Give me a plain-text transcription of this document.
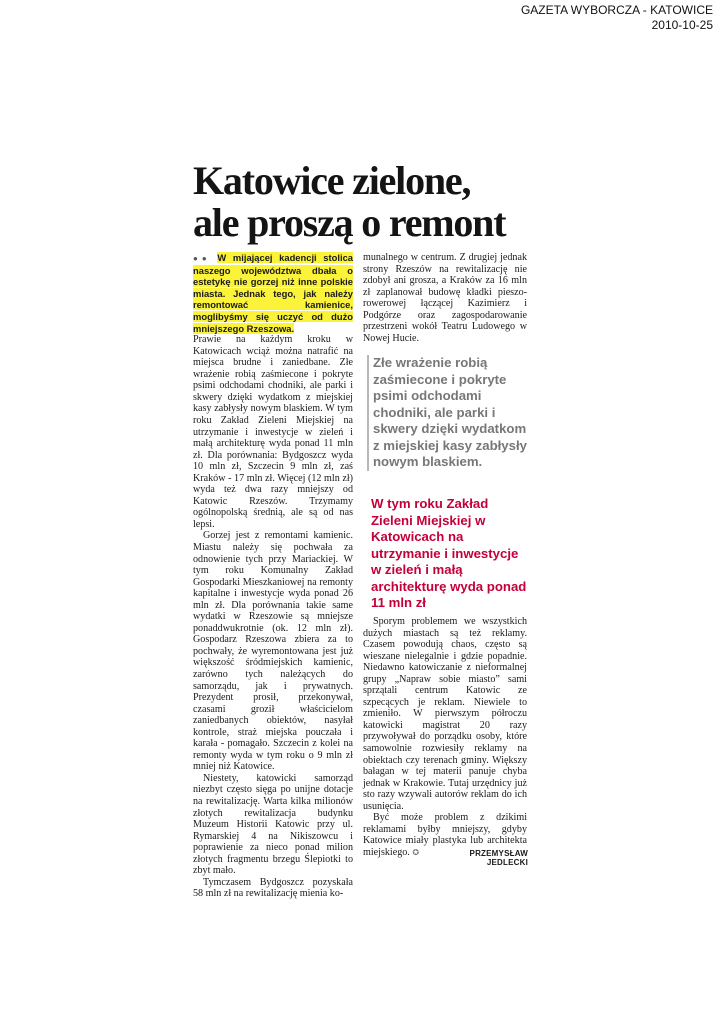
GAZETA WYBORCZA - KATOWICE
2010-10-25
Katowice zielone,
ale proszą o remont

●● W mijającej kadencji stolica naszego województwa dbała o estetykę nie gorzej niż inne polskie miasta. Jednak tego, jak należy remontować kamienice, moglibyśmy się uczyć od dużo mniejszego Rzeszowa.

Prawie na każdym kroku w Katowicach wciąż można natrafić na miejsca brudne i zaniedbane. Złe wrażenie robią zaśmiecone i pokryte psimi odchodami chodniki, ale parki i skwery dzięki wydatkom z miejskiej kasy zabłysły nowym blaskiem. W tym roku Zakład Zieleni Miejskiej na utrzymanie i inwestycje w zieleń i małą architekturę wyda ponad 11 mln zł. Dla porównania: Bydgoszcz wyda 10 mln zł, Szczecin 9 mln zł, zaś Kraków - 17 mln zł. Więcej (12 mln zł) wyda też dwa razy mniejszy od Katowic Rzeszów. Trzymamy ogólnopolską średnią, ale są od nas lepsi.

Gorzej jest z remontami kamienic. Miastu należy się pochwała za odnowienie tych przy Mariackiej. W tym roku Komunalny Zakład Gospodarki Mieszkaniowej na remonty kapitalne i inwestycje wyda ponad 26 mln zł. Dla porównania takie same wydatki w Rzeszowie są mniejsze ponaddwukrotnie (ok. 12 mln zł). Gospodarz Rzeszowa zbiera za to pochwały, że wyremontowana jest już większość śródmiejskich kamienic, zarówno tych należących do samorządu, jak i prywatnych. Prezydent prosił, przekonywał, czasami groził właścicielom zaniedbanych obiektów, nasyłał kontrole, straż miejska pouczała i karała - pomagało. Szczecin z kolei na remonty wyda w tym roku o 9 mln zł mniej niż Katowice.

Niestety, katowicki samorząd niezbyt często sięga po unijne dotacje na rewitalizację. Warta kilka milionów złotych rewitalizacja budynku Muzeum Historii Katowic przy ul. Rymarskiej 4 na Nikiszowcu i poprawienie za nieco ponad milion złotych fragmentu brzegu Ślepiotki to zbyt mało.

Tymczasem Bydgoszcz pozyskała 58 mln zł na rewitalizację mienia ko-

munalnego w centrum. Z drugiej jednak strony Rzeszów na rewitalizację nie zdobył ani grosza, a Kraków za 16 mln zł zaplanował budowę kładki pieszo-rowerowej łączącej Kazimierz i Podgórze oraz zagospodarowanie przestrzeni wokół Teatru Ludowego w Nowej Hucie.

Złe wrażenie robią zaśmiecone i pokryte psimi odchodami chodniki, ale parki i skwery dzięki wydatkom z miejskiej kasy zabłysły nowym blaskiem.
W tym roku Zakład Zieleni Miejskiej w Katowicach na utrzymanie i inwestycje w zieleń i małą architekturę wyda ponad 11 mln zł

Sporym problemem we wszystkich dużych miastach są też reklamy. Czasem powodują chaos, często są wieszane nielegalnie i gdzie popadnie. Niedawno katowiczanie z nieformalnej grupy „Napraw sobie miasto” sami sprzątali centrum Katowic ze szpecących je reklam. Niewiele to zmieniło. W pierwszym półroczu katowicki magistrat 20 razy przywoływał do porządku osoby, które samowolnie rozwiesiły reklamy na obiektach czy terenach gminy. Większy bałagan w tej materii panuje chyba jednak w Krakowie. Tutaj urzędnicy już sto razy wzywali autorów reklam do ich usunięcia.

Być może problem z dzikimi reklamami byłby mniejszy, gdyby Katowice miały plastyka lub architekta miejskiego. ✪	PRZEMYSŁAW JEDLECKI
